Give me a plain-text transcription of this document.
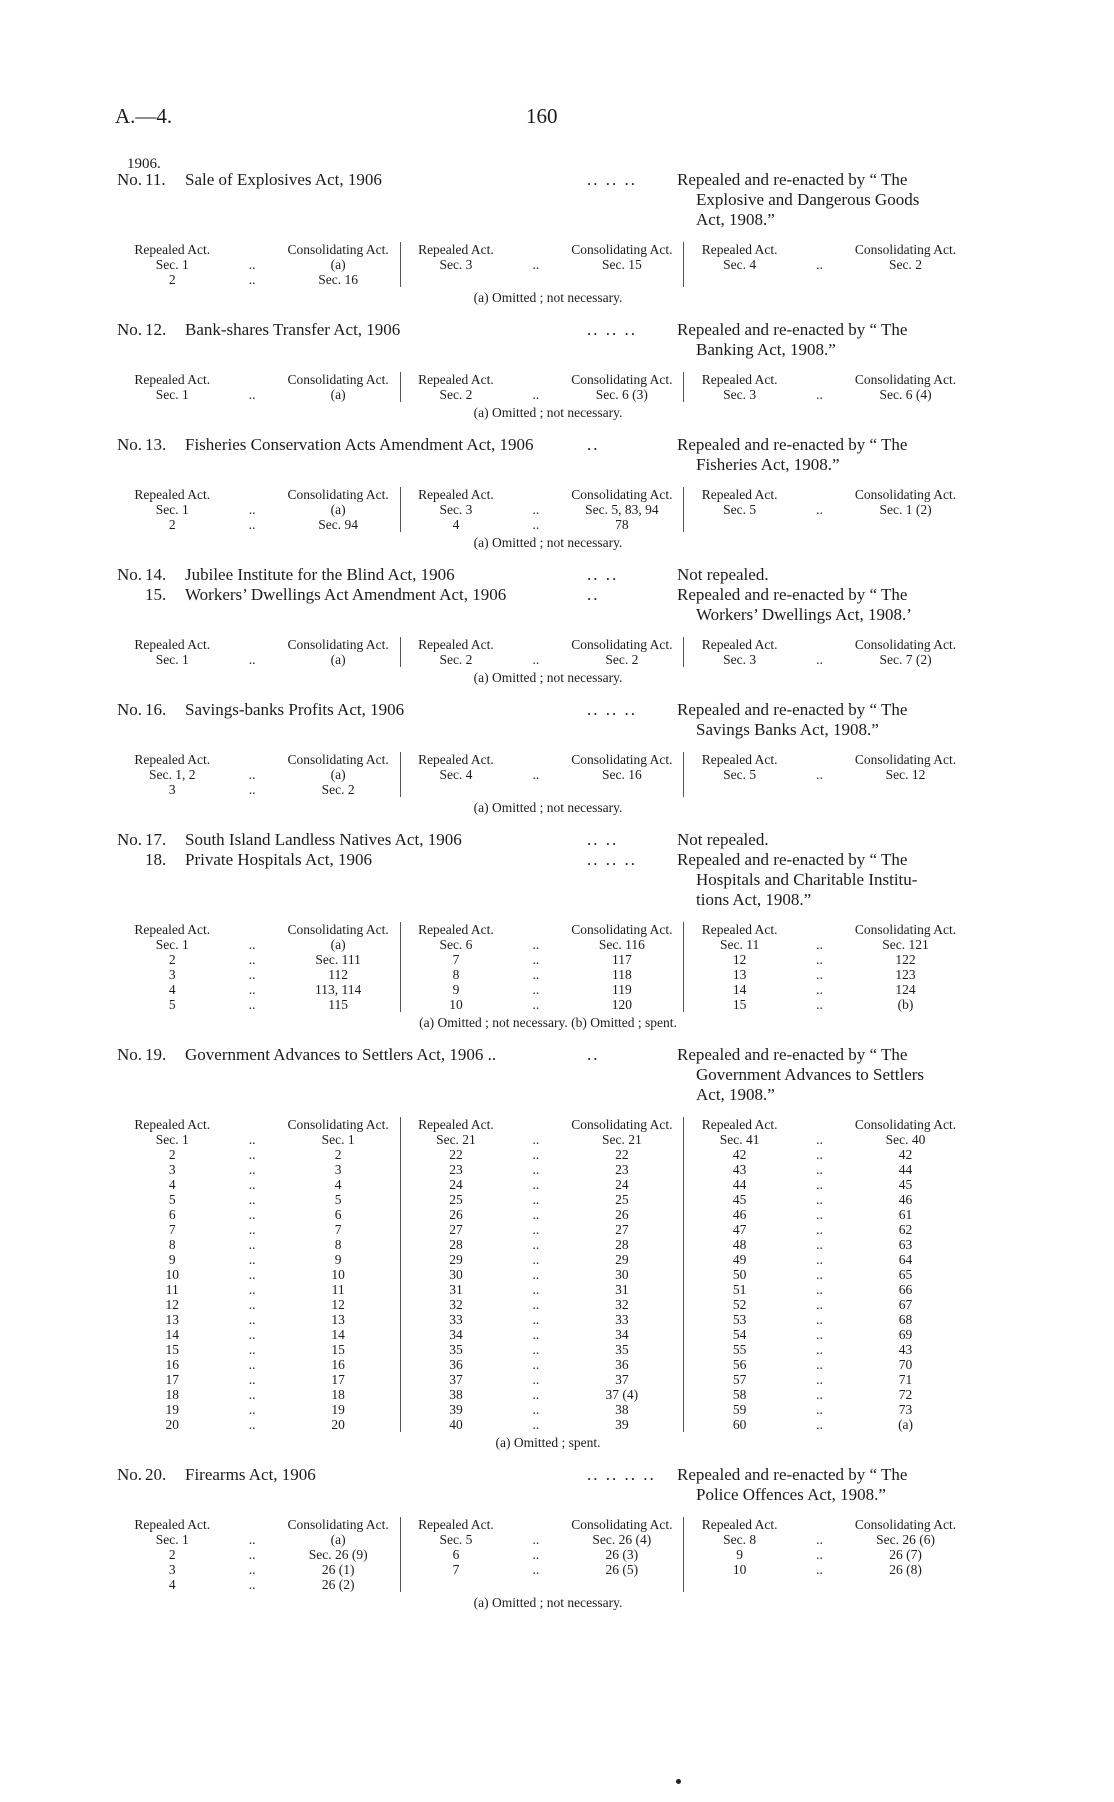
A.—4.	160
1906.
No. 11.	Sale of Explosives Act, 1906	.. .. ..	Repealed and re-enacted by “ The
Explosive and Dangerous Goods
Act, 1908.”
Repealed Act.		Consolidating Act.	Repealed Act.		Consolidating Act.	Repealed Act.		Consolidating Act.
Sec. 1	..	(a)	Sec. 3	..	Sec. 15	Sec. 4	..	Sec. 2
2	..	Sec. 16						
(a) Omitted ; not necessary.
No. 12.	Bank-shares Transfer Act, 1906	.. .. ..	Repealed and re-enacted by “ The
Banking Act, 1908.”
Repealed Act.		Consolidating Act.	Repealed Act.		Consolidating Act.	Repealed Act.		Consolidating Act.
Sec. 1	..	(a)	Sec. 2	..	Sec. 6 (3)	Sec. 3	..	Sec. 6 (4)
(a) Omitted ; not necessary.
No. 13.	Fisheries Conservation Acts Amendment Act, 1906	..	Repealed and re-enacted by “ The
Fisheries Act, 1908.”
Repealed Act.		Consolidating Act.	Repealed Act.		Consolidating Act.	Repealed Act.		Consolidating Act.
Sec. 1	..	(a)	Sec. 3	..	Sec. 5, 83, 94	Sec. 5	..	Sec. 1 (2)
2	..	Sec. 94	4	..	78			
(a) Omitted ; not necessary.
No. 14.	Jubilee Institute for the Blind Act, 1906	.. ..	Not repealed.
15.	Workers’ Dwellings Act Amendment Act, 1906	..	Repealed and re-enacted by “ The
Workers’ Dwellings Act, 1908.’
Repealed Act.		Consolidating Act.	Repealed Act.		Consolidating Act.	Repealed Act.		Consolidating Act.
Sec. 1	..	(a)	Sec. 2	..	Sec. 2	Sec. 3	..	Sec. 7 (2)
(a) Omitted ; not necessary.
No. 16.	Savings-banks Profits Act, 1906	.. .. ..	Repealed and re-enacted by “ The
Savings Banks Act, 1908.”
Repealed Act.		Consolidating Act.	Repealed Act.		Consolidating Act.	Repealed Act.		Consolidating Act.
Sec. 1, 2	..	(a)	Sec. 4	..	Sec. 16	Sec. 5	..	Sec. 12
3	..	Sec. 2						
(a) Omitted ; not necessary.
No. 17.	South Island Landless Natives Act, 1906	.. ..	Not repealed.
18.	Private Hospitals Act, 1906	.. .. ..	Repealed and re-enacted by “ The
Hospitals and Charitable Institu-
tions Act, 1908.”
Repealed Act.		Consolidating Act.	Repealed Act.		Consolidating Act.	Repealed Act.		Consolidating Act.
Sec. 1	..	(a)	Sec. 6	..	Sec. 116	Sec. 11	..	Sec. 121
2	..	Sec. 111	7	..	117	12	..	122
3	..	112	8	..	118	13	..	123
4	..	113, 114	9	..	119	14	..	124
5	..	115	10	..	120	15	..	(b)
(a) Omitted ; not necessary. (b) Omitted ; spent.
No. 19.	Government Advances to Settlers Act, 1906 ..	..	Repealed and re-enacted by “ The
Government Advances to Settlers
Act, 1908.”
Repealed Act.		Consolidating Act.	Repealed Act.		Consolidating Act.	Repealed Act.		Consolidating Act.
Sec. 1	..	Sec. 1	Sec. 21	..	Sec. 21	Sec. 41	..	Sec. 40
2	..	2	22	..	22	42	..	42
3	..	3	23	..	23	43	..	44
4	..	4	24	..	24	44	..	45
5	..	5	25	..	25	45	..	46
6	..	6	26	..	26	46	..	61
7	..	7	27	..	27	47	..	62
8	..	8	28	..	28	48	..	63
9	..	9	29	..	29	49	..	64
10	..	10	30	..	30	50	..	65
11	..	11	31	..	31	51	..	66
12	..	12	32	..	32	52	..	67
13	..	13	33	..	33	53	..	68
14	..	14	34	..	34	54	..	69
15	..	15	35	..	35	55	..	43
16	..	16	36	..	36	56	..	70
17	..	17	37	..	37	57	..	71
18	..	18	38	..	37 (4)	58	..	72
19	..	19	39	..	38	59	..	73
20	..	20	40	..	39	60	..	(a)
(a) Omitted ; spent.
No. 20.	Firearms Act, 1906	.. .. .. ..	Repealed and re-enacted by “ The
Police Offences Act, 1908.”
Repealed Act.		Consolidating Act.	Repealed Act.		Consolidating Act.	Repealed Act.		Consolidating Act.
Sec. 1	..	(a)	Sec. 5	..	Sec. 26 (4)	Sec. 8	..	Sec. 26 (6)
2	..	Sec. 26 (9)	6	..	26 (3)	9	..	26 (7)
3	..	26 (1)	7	..	26 (5)	10	..	26 (8)
4	..	26 (2)						
(a) Omitted ; not necessary.
